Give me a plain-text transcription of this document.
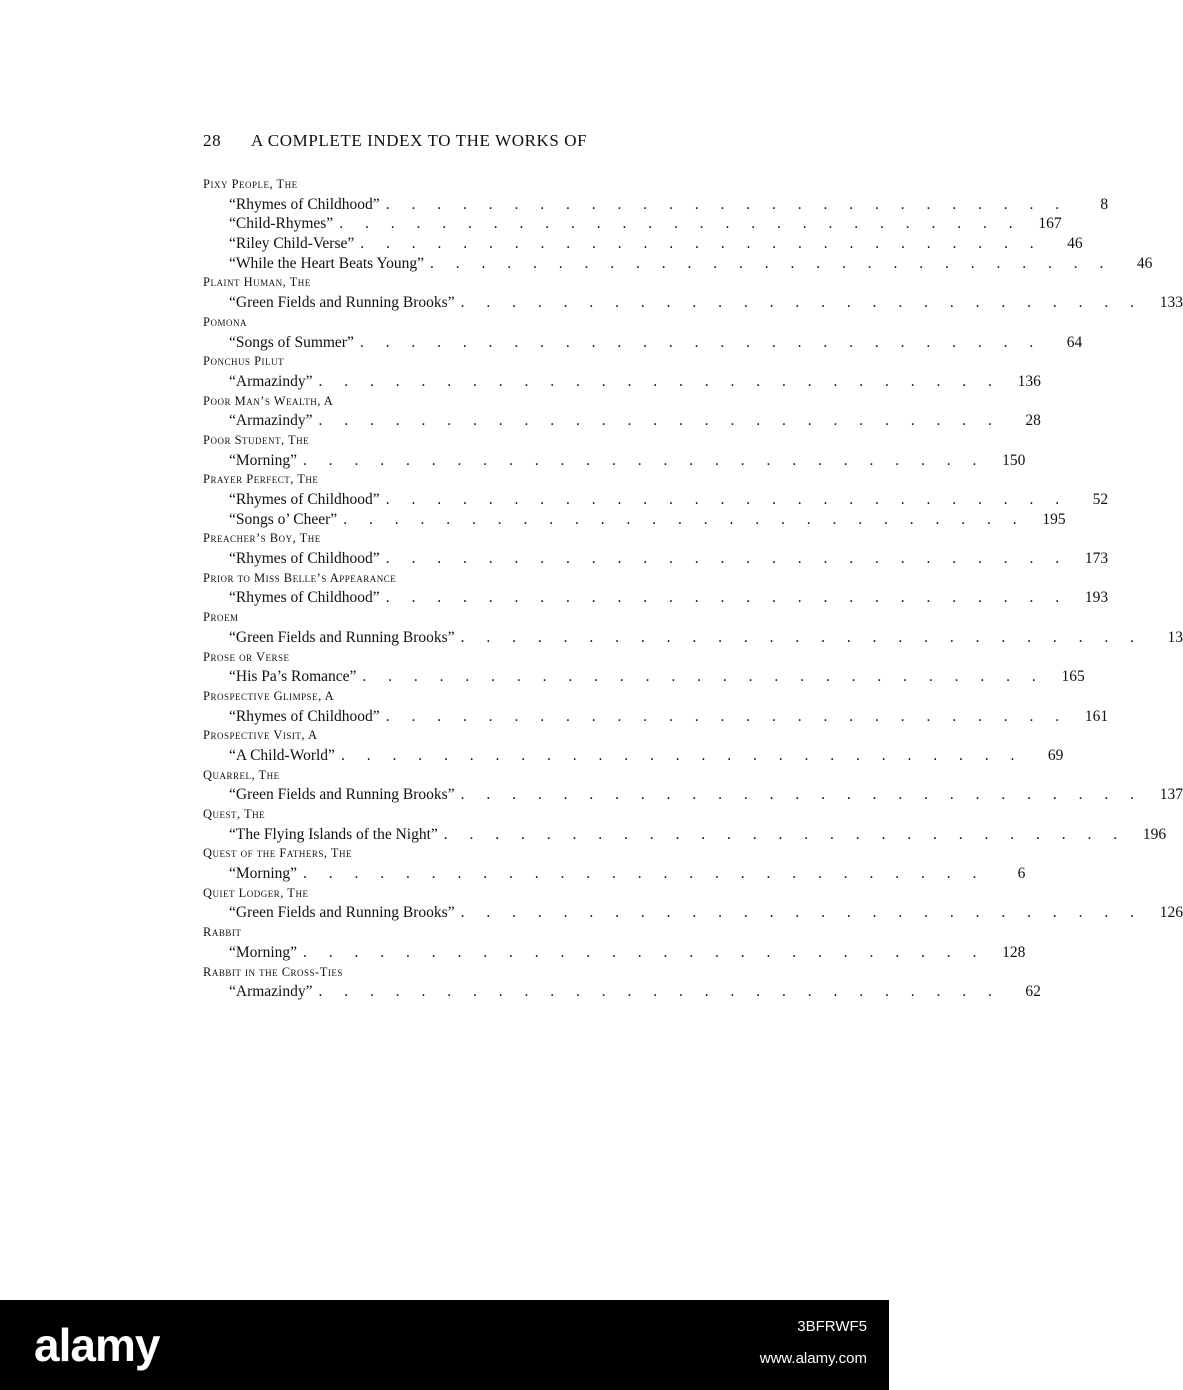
28 A COMPLETE INDEX TO THE WORKS OF
Pixy People, The
“Rhymes of Childhood” . . . . . . . . . . . . . . . . . . . . . . . . . . .	8
“Child-Rhymes” . . . . . . . . . . . . . . . . . . . . . . . . . . .	167
“Riley Child-Verse” . . . . . . . . . . . . . . . . . . . . . . . . . . .	46
“While the Heart Beats Young” . . . . . . . . . . . . . . . . . . . . . . . . . . .	46
Plaint Human, The
“Green Fields and Running Brooks” . . . . . . . . . . . . . . . . . . . . . . . . . . .	133
Pomona
“Songs of Summer” . . . . . . . . . . . . . . . . . . . . . . . . . . .	64
Ponchus Pilut
“Armazindy” . . . . . . . . . . . . . . . . . . . . . . . . . . .	136
Poor Man’s Wealth, A
“Armazindy” . . . . . . . . . . . . . . . . . . . . . . . . . . .	28
Poor Student, The
“Morning” . . . . . . . . . . . . . . . . . . . . . . . . . . .	150
Prayer Perfect, The
“Rhymes of Childhood” . . . . . . . . . . . . . . . . . . . . . . . . . . .	52
“Songs o’ Cheer” . . . . . . . . . . . . . . . . . . . . . . . . . . .	195
Preacher’s Boy, The
“Rhymes of Childhood” . . . . . . . . . . . . . . . . . . . . . . . . . . .	173
Prior to Miss Belle’s Appearance
“Rhymes of Childhood” . . . . . . . . . . . . . . . . . . . . . . . . . . .	193
Proem
“Green Fields and Running Brooks” . . . . . . . . . . . . . . . . . . . . . . . . . . .	13
Prose or Verse
“His Pa’s Romance” . . . . . . . . . . . . . . . . . . . . . . . . . . .	165
Prospective Glimpse, A
“Rhymes of Childhood” . . . . . . . . . . . . . . . . . . . . . . . . . . .	161
Prospective Visit, A
“A Child-World” . . . . . . . . . . . . . . . . . . . . . . . . . . .	69
Quarrel, The
“Green Fields and Running Brooks” . . . . . . . . . . . . . . . . . . . . . . . . . . .	137
Quest, The
“The Flying Islands of the Night” . . . . . . . . . . . . . . . . . . . . . . . . . . .	196
Quest of the Fathers, The
“Morning” . . . . . . . . . . . . . . . . . . . . . . . . . . .	6
Quiet Lodger, The
“Green Fields and Running Brooks” . . . . . . . . . . . . . . . . . . . . . . . . . . .	126
Rabbit
“Morning” . . . . . . . . . . . . . . . . . . . . . . . . . . .	128
Rabbit in the Cross-Ties
“Armazindy” . . . . . . . . . . . . . . . . . . . . . . . . . . .	62
alamy	3BFRWF5
www.alamy.com
